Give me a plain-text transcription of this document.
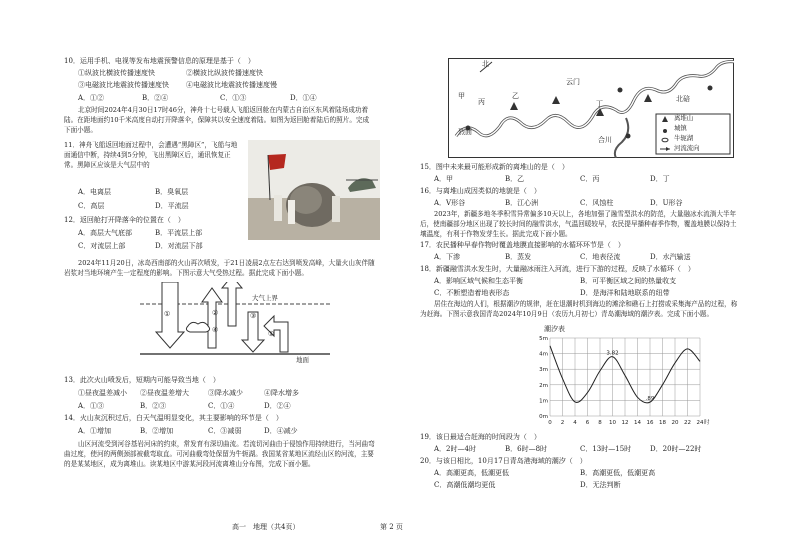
10．运用手机、电视等发布地震预警信息的原理是基于（　）
①纵波比横波传播速度快	②横波比纵波传播速度快
③电磁波比地震波传播速度快 ④电磁波比地震波传播速度慢
A．①②	B．②④	C．①③	D．①④
北京时间2024年4月30日17时46分，神舟十七号载人飞船返回舱在内蒙古自治区东风着陆场成功着陆。在距地面约10千米高度自动打开降落伞，保障其以安全速度着陆。如图为返回舱着陆后的照片。完成下面小题。
11．神舟飞船返回地面过程中，会遭遇“黑障区”，飞船与地面通信中断，持续4到5分钟，飞出黑障区后，通讯恢复正常。黑障区应该是大气层中的
A．电离层	B．臭氧层
C．高层	D．平流层
12．返回舱打开降落伞的位置在（　）
A．高层大气底部	B．平流层上部
C．对流层上部	D．对流层下部
2024年11月20日，冰岛西南部的火山再次喷发，于21日凌晨2点左右达到喷发高峰，大量火山灰伴随岩浆对当地环境产生一定程度的影响。下图示意大气受热过程。据此完成下面小题。
大气上界
地面
①	②	③
④	⑤
13．此次火山喷发后，短期内可能导致当地（　）
①昼夜温差减小 ②昼夜温差增大	③降水减少	④降水增多
A．①③	B．②③	C．①④	D．②④
14．火山灰沉积过后，白天气温明显变化，其主要影响的环节是（　）
A．①增加	B．②增加	C．③减弱	D．④减少
山区河流受到河谷基岩河床的约束，常发育有深切曲流。若流切河曲由于侵蚀作用持续进行，当河曲弯曲过度，使河的两侧颈部被截弯取直。可河曲截弯处保留为牛轭湖。我国某省某地区流经山区的河流，主要的是某某地区，成为离堆山。读某地区中游某河段河流离堆山分布图，完成下面小题。
北
甲	乙
丙	丁
云门
合川
北碚
烈面
离堆山
城镇
牛轭湖
河流流向
15．图中未来最可能形成新的离堆山的是（　）
A．甲	B．乙	C．丙	D．丁
16．与离堆山成因类似的地貌是（　）
A．V形谷	B．江心洲	C．风蚀柱	D．U形谷
2023年，新疆多地冬季积雪异常偏多10天以上，各地加强了融雪型洪水的防范，大量融冰水流淌大半年后，使南疆部分地区出现了较长时间的融雪洪水，气温回暖较早，农民提早播种春季作物，覆盖地膜以保持土壤温度，有利于作物发芽生长。据此完成下面小题。
17．农民播种早春作物时覆盖地膜直接影响的水循环环节是（　）
A．下渗	B．蒸发	C．地表径流	D．水汽输送
18．新疆融雪洪水发生时，大量融冰雨注入河流，进行下游的过程，反映了水循环（　）
A．影响区域气候和生态平衡	B．可平衡区域之间的热量收支
C．不断塑造着地表形态	D．是海洋和陆地联系的纽带
居住在海边的人们，根据潮汐的规律，赶在退潮时机到海边的滩涂和礁石上打捞或采集海产品的过程，称为赶海。下图示意我国青岛2024年10月9日（农历九月初七）青岛潮海域的潮汐表。完成下面小题。
潮汐表
0 2 4 6 8 10 12 14 16 18 20 22 24
0m
1m
2m
3m
4m
5m
时
3.82
.89
19．该日最适合赶海的时间段为（　）
A．2时—4时	B．6时—8时	C．13时—15时	D．20时—22时
20．与该日相比，10月17日青岛港海域的潮汐（　）
A．高潮更高，低潮更低	B．高潮更低，低潮更高
C．高潮低潮均更低	D．无法判断
高一　地理（共4页）	第 2 页
